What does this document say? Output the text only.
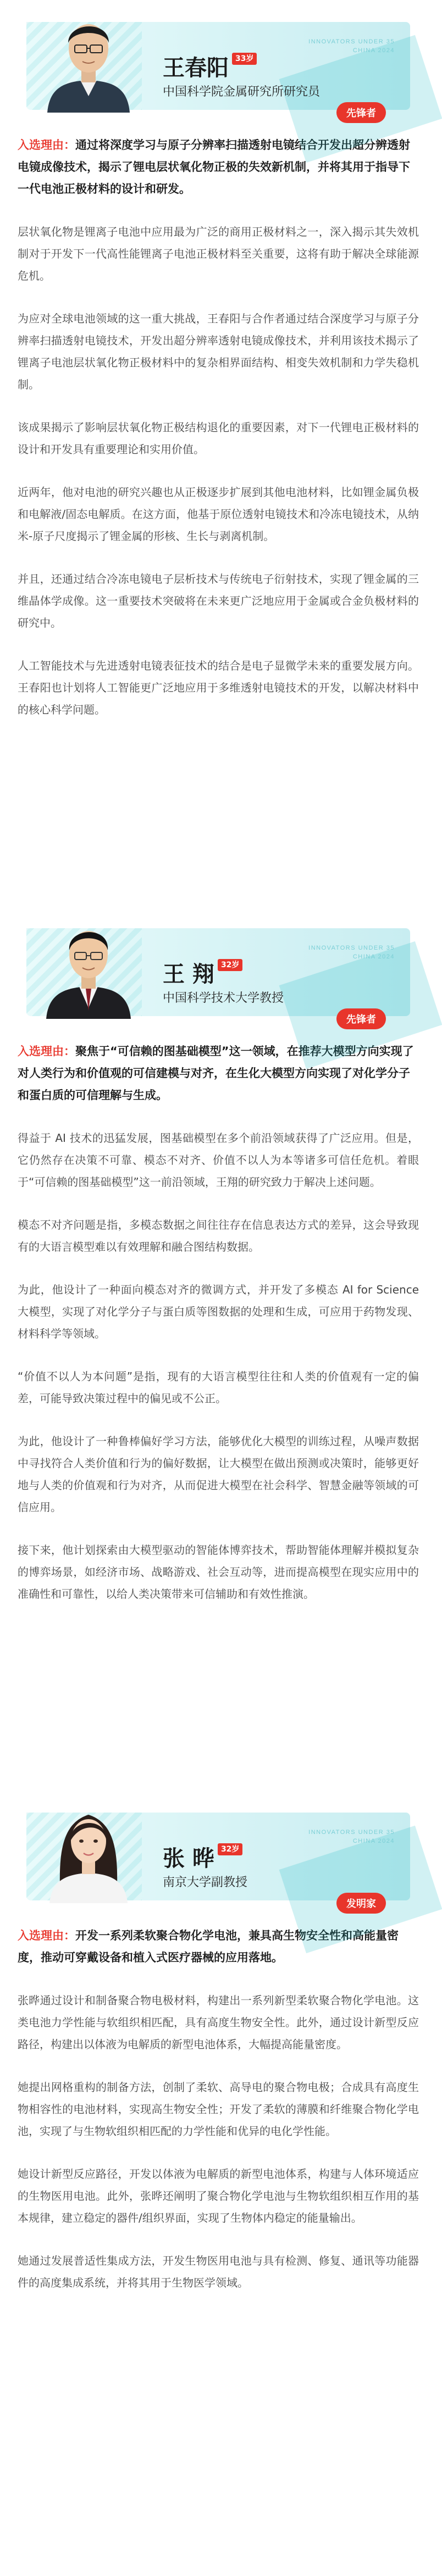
INNOVATORS UNDER 35
CHINA 2024
先锋者
王春阳 33岁
中国科学院金属研究所研究员

入选理由：通过将深度学习与原子分辨率扫描透射电镜结合开发出超分辨透射电镜成像技术，揭示了锂电层状氧化物正极的失效新机制，并将其用于指导下一代电池正极材料的设计和研发。

层状氧化物是锂离子电池中应用最为广泛的商用正极材料之一，深入揭示其失效机制对于开发下一代高性能锂离子电池正极材料至关重要，这将有助于解决全球能源危机。

为应对全球电池领域的这一重大挑战，王春阳与合作者通过结合深度学习与原子分辨率扫描透射电镜技术，开发出超分辨率透射电镜成像技术，并利用该技术揭示了锂离子电池层状氧化物正极材料中的复杂相界面结构、相变失效机制和力学失稳机制。

该成果揭示了影响层状氧化物正极结构退化的重要因素，对下一代锂电正极材料的设计和开发具有重要理论和实用价值。

近两年，他对电池的研究兴趣也从正极逐步扩展到其他电池材料，比如锂金属负极和电解液/固态电解质。在这方面，他基于原位透射电镜技术和冷冻电镜技术，从纳米-原子尺度揭示了锂金属的形核、生长与剥离机制。

并且，还通过结合冷冻电镜电子层析技术与传统电子衍射技术，实现了锂金属的三维晶体学成像。这一重要技术突破将在未来更广泛地应用于金属或合金负极材料的研究中。

人工智能技术与先进透射电镜表征技术的结合是电子显微学未来的重要发展方向。王春阳也计划将人工智能更广泛地应用于多维透射电镜技术的开发，以解决材料中的核心科学问题。

INNOVATORS UNDER 35
CHINA 2024
先锋者
王 翔 32岁
中国科学技术大学教授

入选理由：聚焦于“可信赖的图基础模型”这一领域，在推荐大模型方向实现了对人类行为和价值观的可信建模与对齐，在生化大模型方向实现了对化学分子和蛋白质的可信理解与生成。

得益于 AI 技术的迅猛发展，图基础模型在多个前沿领域获得了广泛应用。但是，它仍然存在决策不可靠、模态不对齐、价值不以人为本等诸多可信任危机。着眼于“可信赖的图基础模型”这一前沿领域，王翔的研究致力于解决上述问题。

模态不对齐问题是指，多模态数据之间往往存在信息表达方式的差异，这会导致现有的大语言模型难以有效理解和融合图结构数据。

为此，他设计了一种面向模态对齐的微调方式，并开发了多模态 AI for Science 大模型，实现了对化学分子与蛋白质等图数据的处理和生成，可应用于药物发现、材料科学等领域。

“价值不以人为本问题”是指，现有的大语言模型往往和人类的价值观有一定的偏差，可能导致决策过程中的偏见或不公正。

为此，他设计了一种鲁棒偏好学习方法，能够优化大模型的训练过程，从噪声数据中寻找符合人类价值和行为的偏好数据，让大模型在做出预测或决策时，能够更好地与人类的价值观和行为对齐，从而促进大模型在社会科学、智慧金融等领域的可信应用。

接下来，他计划探索由大模型驱动的智能体博弈技术，帮助智能体理解并模拟复杂的博弈场景，如经济市场、战略游戏、社会互动等，进而提高模型在现实应用中的准确性和可靠性，以给人类决策带来可信辅助和有效性推演。

INNOVATORS UNDER 35
CHINA 2024
发明家
张 晔 32岁
南京大学副教授

入选理由：开发一系列柔软聚合物化学电池，兼具高生物安全性和高能量密度，推动可穿戴设备和植入式医疗器械的应用落地。

张晔通过设计和制备聚合物电极材料，构建出一系列新型柔软聚合物化学电池。这类电池力学性能与软组织相匹配，具有高度生物安全性。此外，通过设计新型反应路径，构建出以体液为电解质的新型电池体系，大幅提高能量密度。

她提出网格重构的制备方法，创制了柔软、高导电的聚合物电极；合成具有高度生物相容性的电池材料，实现高生物安全性；开发了柔软的薄膜和纤维聚合物化学电池，实现了与生物软组织相匹配的力学性能和优异的电化学性能。

她设计新型反应路径，开发以体液为电解质的新型电池体系，构建与人体环境适应的生物医用电池。此外，张晔还阐明了聚合物化学电池与生物软组织相互作用的基本规律，建立稳定的器件/组织界面，实现了生物体内稳定的能量输出。

她通过发展普适性集成方法，开发生物医用电池与具有检测、修复、通讯等功能器件的高度集成系统，并将其用于生物医学领域。
